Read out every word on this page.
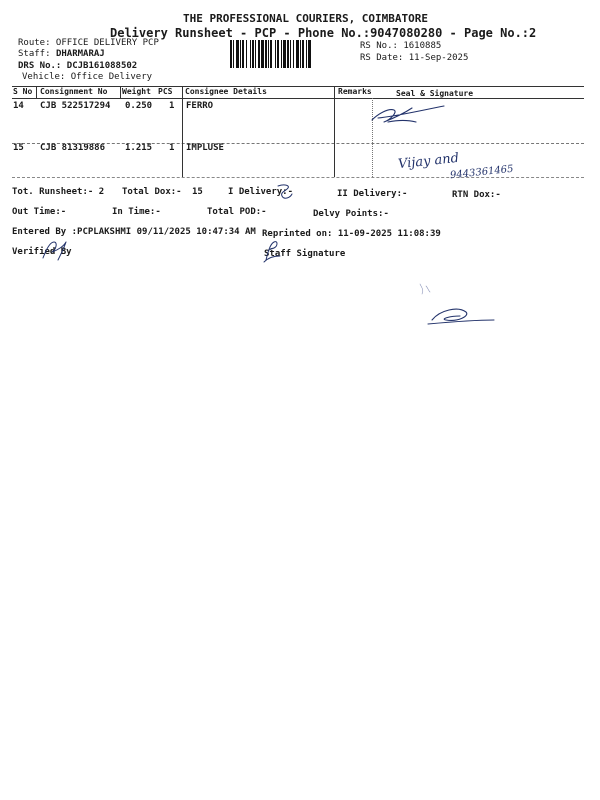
THE PROFESSIONAL COURIERS, COIMBATORE
Delivery Runsheet - PCP - Phone No.:9047080280 - Page No.:2
Route: OFFICE DELIVERY PCP
Staff: DHARMARAJ
DRS No.: DCJB161088502
Vehicle: Office Delivery
RS No.: 1610885
RS Date: 11-Sep-2025
S No Consignment No Weight PCS Consignee Details	Remarks	Seal & Signature
14 CJB 522517294 0.250 1 FERRO
15 CJB 81319886 1.215 1 IMPLUSE
Vijay and
9443361465
Tot. Runsheet:- 2 Total Dox:- 15	I Delivery:-	II Delivery:-	RTN Dox:-
Out Time:-	In Time:-	Total POD:-	Delvy Points:-
Entered By :PCPLAKSHMI 09/11/2025 10:47:34 AM Reprinted on: 11-09-2025 11:08:39
Verified By	Staff Signature
